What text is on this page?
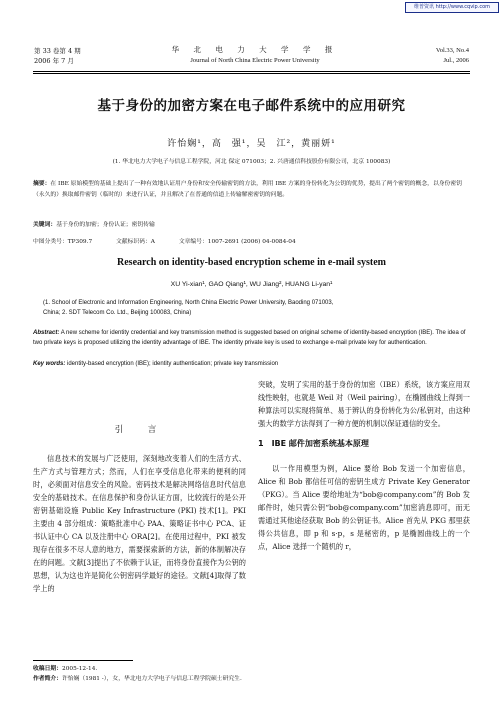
维普资讯 http://www.cqvip.com
第 33 卷第 4 期
2006 年 7 月
华 北 电 力 大 学 学 报
Journal of North China Electric Power University
Vol.33, No.4
Jul., 2006
基于身份的加密方案在电子邮件系统中的应用研究
许怡娴¹，高　强¹，吴　江²，黄丽妍¹
(1. 华北电力大学电子与信息工程学院，河北 保定 071003；2. 兴唐通信科技股份有限公司，北京 100083)
摘要：在 IBE 原始模型的基础上提出了一种有效地认证用户身份和安全传输密钥的方法，利用 IBE 方案的身份转化为公钥的优势，提出了两个密钥的概念，以身份密钥（永久的）换取邮件密钥（临时的）来进行认证，并且解决了在普通的信道上传输解密密钥的问题。
关键词：基于身份的加密；身份认证；密钥传输
中图分类号：TP309.7	文献标识码：A	文章编号：1007-2691 (2006) 04-0084-04
Research on identity-based encryption scheme in e-mail system
XU Yi-xian¹, GAO Qiang¹, WU Jiang², HUANG Li-yan¹
(1. School of Electronic and Information Engineering, North China Electric Power University, Baoding 071003,
China; 2. SDT Telecom Co. Ltd., Beijing 100083, China)
Abstract: A new scheme for identity credential and key transmission method is suggested based on original scheme of identity-based encryption (IBE). The idea of two private keys is proposed utilizing the identity advantage of IBE. The identity private key is used to exchange e-mail private key for authentication.
Key words: identity-based encryption (IBE); identity authentication; private key transmission
引　言

信息技术的发展与广泛使用，深刻地改变着人们的生活方式、生产方式与管理方式；然而，人们在享受信息化带来的便利的同时，必须面对信息安全的风险。密码技术是解决网络信息时代信息安全的基础技术。在信息保护和身份认证方面，比较流行的是公开密钥基础设施 Public Key Infrastructure (PKI) 技术[1]。PKI 主要由 4 部分组成：策略批准中心 PAA、策略证书中心 PCA、证书认证中心 CA 以及注册中心 ORA[2]。在使用过程中，PKI 被发现存在很多不尽人意的地方，需要探索新的方法，新的体制解决存在的问题。文献[3]提出了不依赖于认证，而将身份直接作为公钥的思想，认为这也许是简化公钥密码学最好的途径。文献[4]取得了数学上的

突破，发明了实用的基于身份的加密（IBE）系统，该方案应用双线性映射，也就是 Weil 对（Weil pairing），在椭圆曲线上得到一种算法可以实现将简单、易于辨认的身份转化为公/私钥对，由这种强大的数学方法得到了一种方便的机制以保证通信的安全。

1　IBE 邮件加密系统基本原理

以一作用模型为例，Alice 要给 Bob 发送一个加密信息，Alice 和 Bob 都信任可信的密钥生成方 Private Key Generator（PKG）。当 Alice 要给地址为“bob@company.com”的 Bob 发邮件时，她只需公钥“bob@company.com”加密消息即可，而无需通过其他途径获取 Bob 的公钥证书。Alice 首先从 PKG 那里获得公共信息，即 p 和 s·p，s 是秘密的，p 是椭圆曲线上的一个点，Alice 选择一个随机的 r，

收稿日期：2005-12-14.
作者简介：许怡娴（1981 -），女，华北电力大学电子与信息工程学院硕士研究生.
